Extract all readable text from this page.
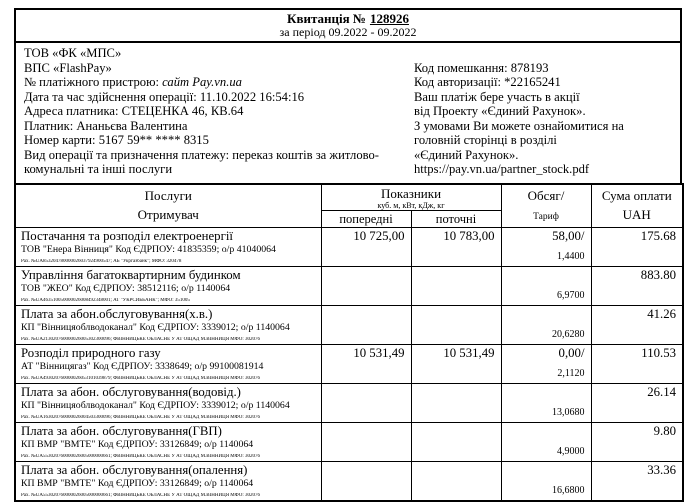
Квитанція № 128926
за період 09.2022 - 09.2022
ТОВ «ФК «МПС»
ВПС «FlashPay»
№ платіжного пристрою: сайт Pay.vn.ua
Дата та час здійснення операції: 11.10.2022 16:54:16
Адреса платника: СТЕЦЕНКА 46, КВ.64
Платник: Ананьєва Валентина
Номер карти: 5167 59** **** 8315
Вид операції та призначення платежу: переказ коштів за житлово-комунальні та інші послуги
Код помешкання: 878193
Код авторизації: *22165241
Ваш платіж бере участь в акції
від Проекту «Єдиний Рахунок».
З умовами Ви можете ознайомитися на
головній сторінці в розділі
«Єдиний Рахунок».
https://pay.vn.ua/partner_stock.pdf
Послуги
Отримувач

Показники
куб. м, кВт, кДж, кг

Обсяг/
Тариф

Сума оплати
UAH

	попередні	поточні		

Постачання та розподіл електроенергії
ТОВ "Енера Вінниця" Код ЄДРПОУ: 41835359; о/р 41040064
Рах. №UA853204780000026037924900547; АБ "Укргазбанк"; МФО: 320478
	10 725,00	10 783,00	58,00/
1,4400
	175.68

Управління багатоквартирним будинком
ТОВ "ЖЕО" Код ЄДРПОУ: 38512116; о/р 1140064
Рах. №UA463510050000026008492348001; АТ "УКРСИББАНК"; МФО: 351005			6,9700	883.80

Плата за абон.обслуговування(х.в.)
КП "Вінницяоблводоканал" Код ЄДРПОУ: 3339012; о/р 1140064
Рах. №UA213020760000026005302300096; ФВІННИЦЬКЕ ОБЛАСНЕ У АТ ОЩАД М.ВІННИЦЯ МФО: 302076			20,6280	41.26

Розподіл природного газу
АТ "Вінницягаз" Код ЄДРПОУ: 3338649; о/р 99100081914
Рах. №UA493020760000026053101039879; ФВІННИЦЬКЕ ОБЛАСНЕ У АТ ОЩАД М.ВІННИЦЯ МФО: 302076
	10 531,49	10 531,49	0,00/
2,1120
	110.53

Плата за абон. обслуговування(водовід.)
КП "Вінницяоблводоканал" Код ЄДРПОУ: 3339012; о/р 1140064
Рах. №UA163020760000026004503300096; ФВІННИЦЬКЕ ОБЛАСНЕ У АТ ОЩАД М.ВІННИЦЯ МФО: 302076			13,0680	26.14

Плата за абон. обслуговування(ГВП)
КП ВМР "ВМТЕ" Код ЄДРПОУ: 33126849; о/р 1140064
Рах. №UA553020760000026005000000661; ФВІННИЦЬКЕ ОБЛАСНЕ У АТ ОЩАД М.ВІННИЦЯ МФО: 302076			4,9000	9.80

Плата за абон. обслуговування(опалення)
КП ВМР "ВМТЕ" Код ЄДРПОУ: 33126849; о/р 1140064
Рах. №UA553020760000026005000000661; ФВІННИЦЬКЕ ОБЛАСНЕ У АТ ОЩАД М.ВІННИЦЯ МФО: 302076			16,6800	33.36
